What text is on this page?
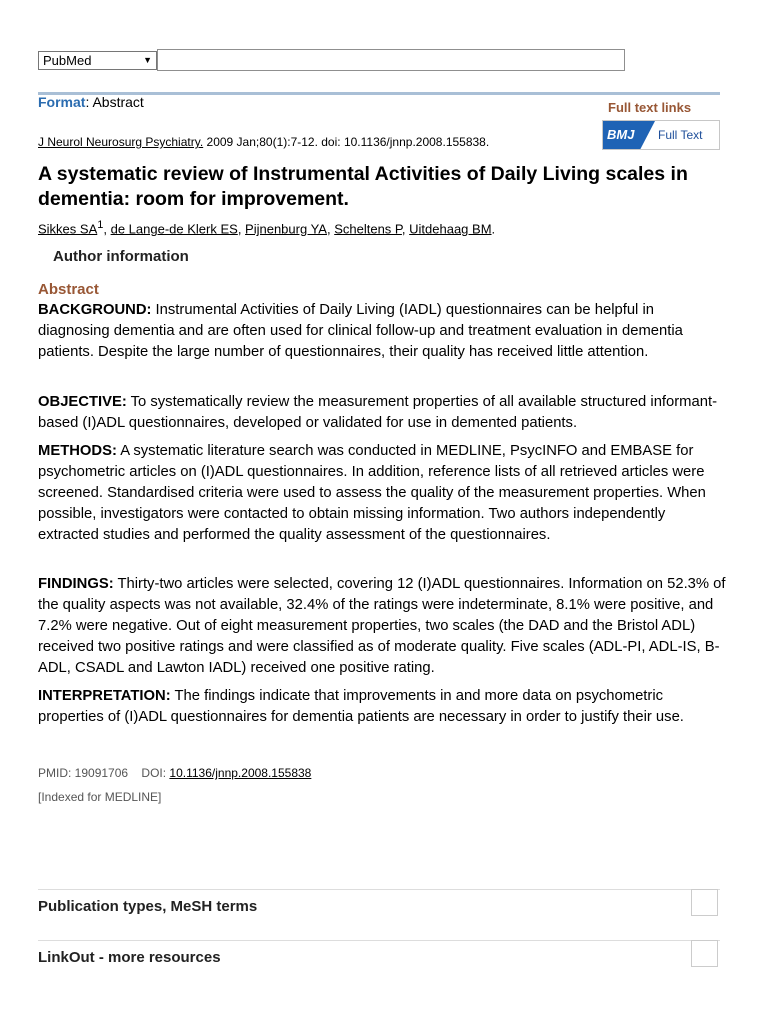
PubMed	▼
Format: Abstract	Full text links
BMJ Full Text
J Neurol Neurosurg Psychiatry. 2009 Jan;80(1):7-12. doi: 10.1136/jnnp.2008.155838.
A systematic review of Instrumental Activities of Daily Living scales in dementia: room for improvement.
Sikkes $SA^1$, de Lange-de Klerk ES, Pijnenburg YA, Scheltens P, Uitdehaag BM.
Author information
Abstract

BACKGROUND: Instrumental Activities of Daily Living (IADL) questionnaires can be helpful in diagnosing dementia and are often used for clinical follow-up and treatment evaluation in dementia patients. Despite the large number of questionnaires, their quality has received little attention.

OBJECTIVE: To systematically review the measurement properties of all available structured informant-based (I)ADL questionnaires, developed or validated for use in demented patients.

METHODS: A systematic literature search was conducted in MEDLINE, PsycINFO and EMBASE for psychometric articles on (I)ADL questionnaires. In addition, reference lists of all retrieved articles were screened. Standardised criteria were used to assess the quality of the measurement properties. When possible, investigators were contacted to obtain missing information. Two authors independently extracted studies and performed the quality assessment of the questionnaires.

FINDINGS: Thirty-two articles were selected, covering 12 (I)ADL questionnaires. Information on 52.3% of the quality aspects was not available, 32.4% of the ratings were indeterminate, 8.1% were positive, and 7.2% were negative. Out of eight measurement properties, two scales (the DAD and the Bristol ADL) received two positive ratings and were classified as of moderate quality. Five scales (ADL-PI, ADL-IS, B-ADL, CSADL and Lawton IADL) received one positive rating.

INTERPRETATION: The findings indicate that improvements in and more data on psychometric properties of (I)ADL questionnaires for dementia patients are necessary in order to justify their use.

PMID: 19091706 DOI: 10.1136/jnnp.2008.155838
[Indexed for MEDLINE]
Publication types, MeSH terms
LinkOut - more resources
